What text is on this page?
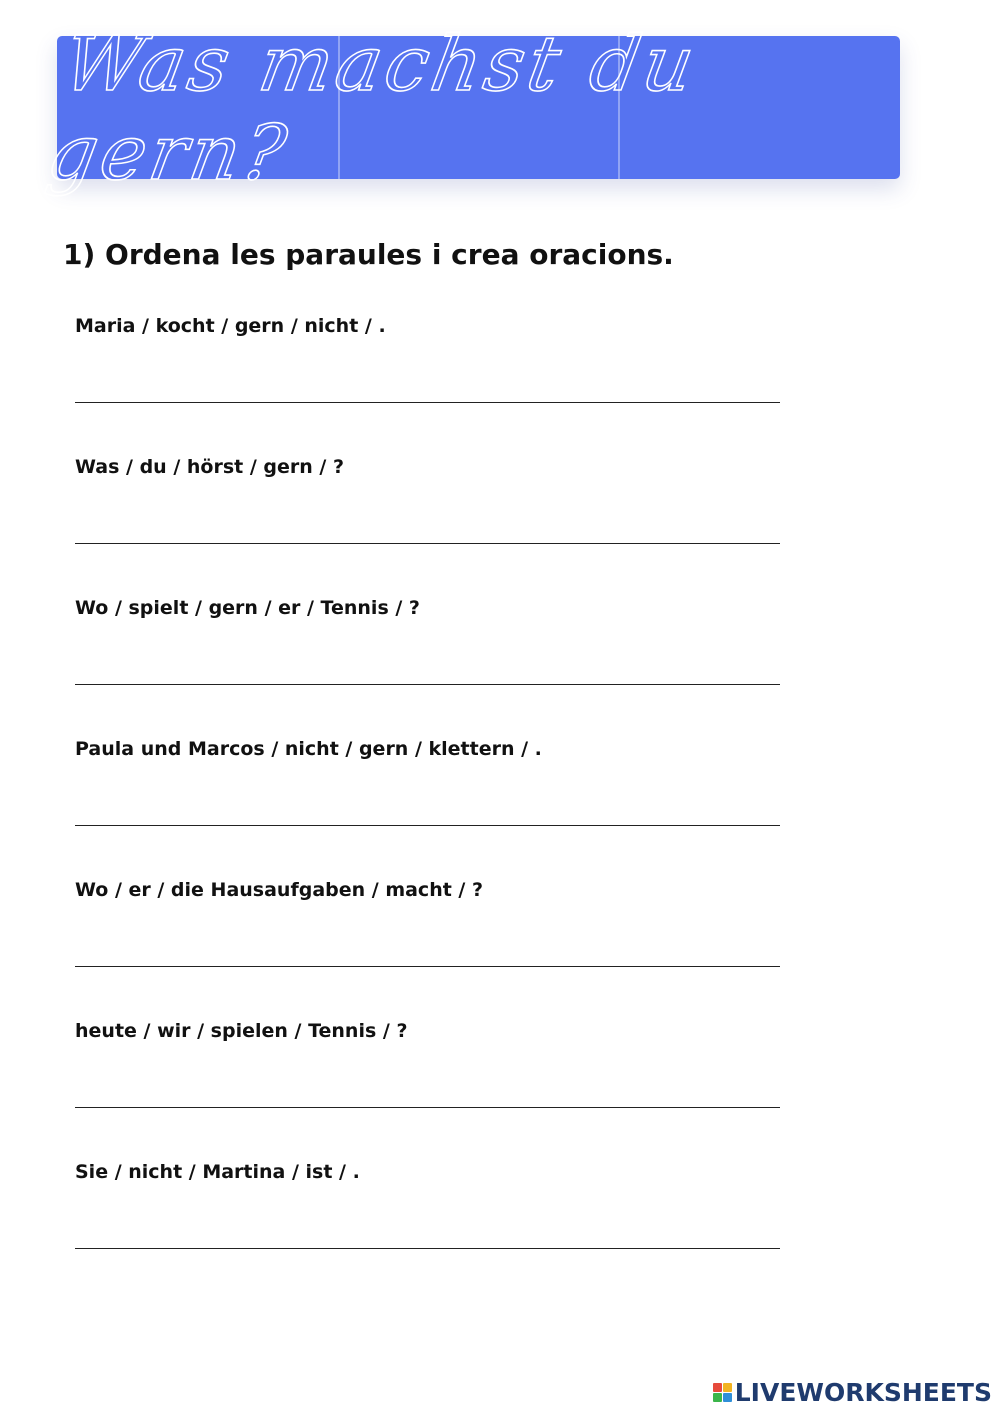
Was machst du gern?
1) Ordena les paraules i crea oracions.
Maria / kocht / gern / nicht / .
Was / du / hörst / gern / ?
Wo / spielt / gern / er / Tennis / ?
Paula und Marcos / nicht / gern / klettern / .
Wo / er / die Hausaufgaben / macht / ?
heute / wir / spielen / Tennis / ?
Sie / nicht / Martina / ist / .
LIVEWORKSHEETS
